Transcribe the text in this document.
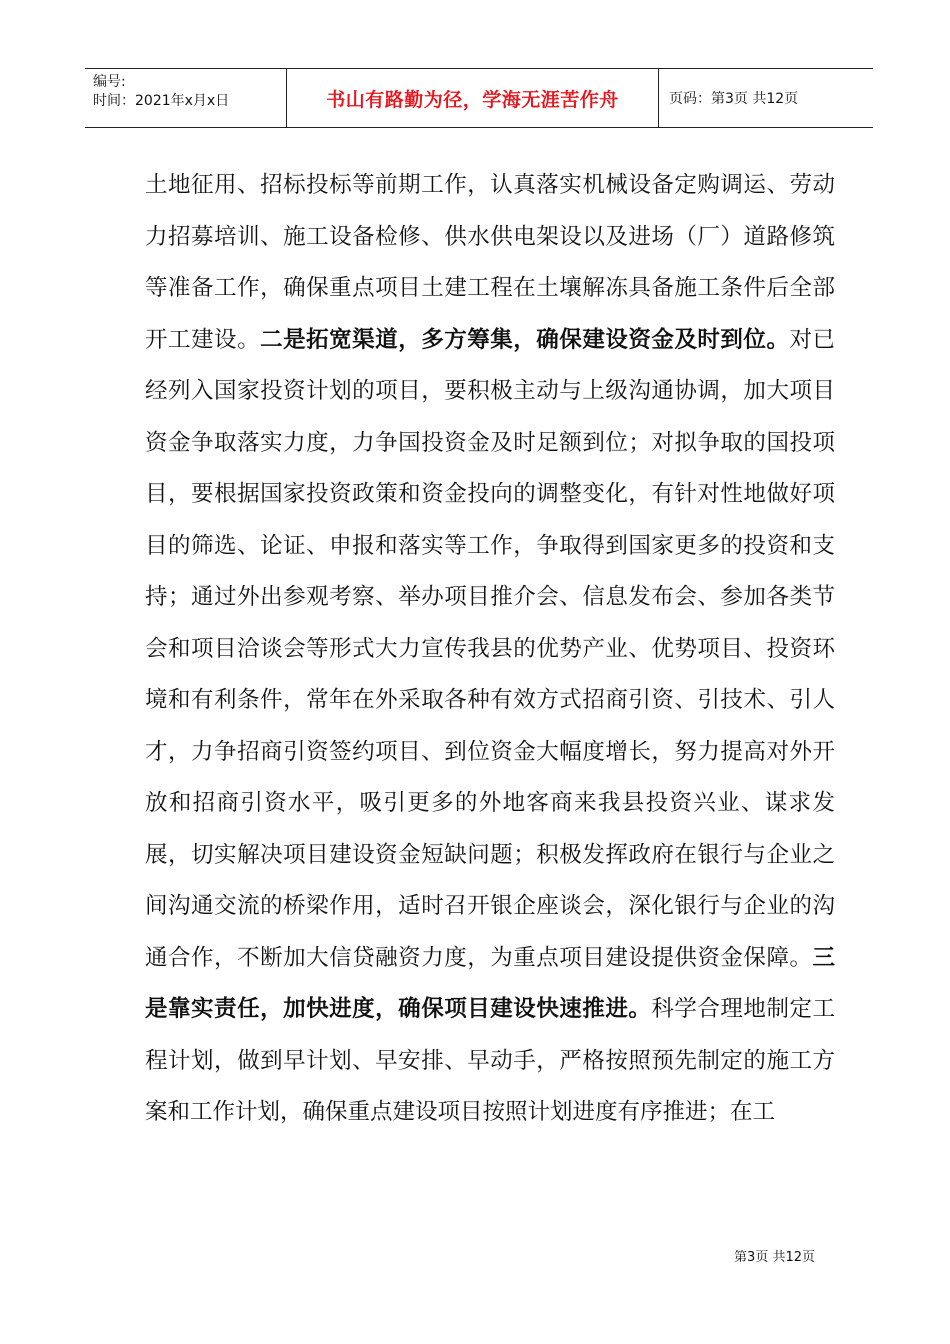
编号:
时间：2021年x月x日	书山有路勤为径，学海无涯苦作舟	页码：第3页 共12页

土地征用、招标投标等前期工作，认真落实机械设备定购调运、劳动力招募培训、施工设备检修、供水供电架设以及进场（厂）道路修筑等准备工作，确保重点项目土建工程在土壤解冻具备施工条件后全部开工建设。二是拓宽渠道，多方筹集，确保建设资金及时到位。对已经列入国家投资计划的项目，要积极主动与上级沟通协调，加大项目资金争取落实力度，力争国投资金及时足额到位；对拟争取的国投项目，要根据国家投资政策和资金投向的调整变化，有针对性地做好项目的筛选、论证、申报和落实等工作，争取得到国家更多的投资和支持；通过外出参观考察、举办项目推介会、信息发布会、参加各类节会和项目洽谈会等形式大力宣传我县的优势产业、优势项目、投资环境和有利条件，常年在外采取各种有效方式招商引资、引技术、引人才，力争招商引资签约项目、到位资金大幅度增长，努力提高对外开放和招商引资水平，吸引更多的外地客商来我县投资兴业、谋求发展，切实解决项目建设资金短缺问题；积极发挥政府在银行与企业之间沟通交流的桥梁作用，适时召开银企座谈会，深化银行与企业的沟通合作，不断加大信贷融资力度，为重点项目建设提供资金保障。三是靠实责任，加快进度，确保项目建设快速推进。科学合理地制定工程计划，做到早计划、早安排、早动手，严格按照预先制定的施工方案和工作计划，确保重点建设项目按照计划进度有序推进；在工

第3页 共12页
